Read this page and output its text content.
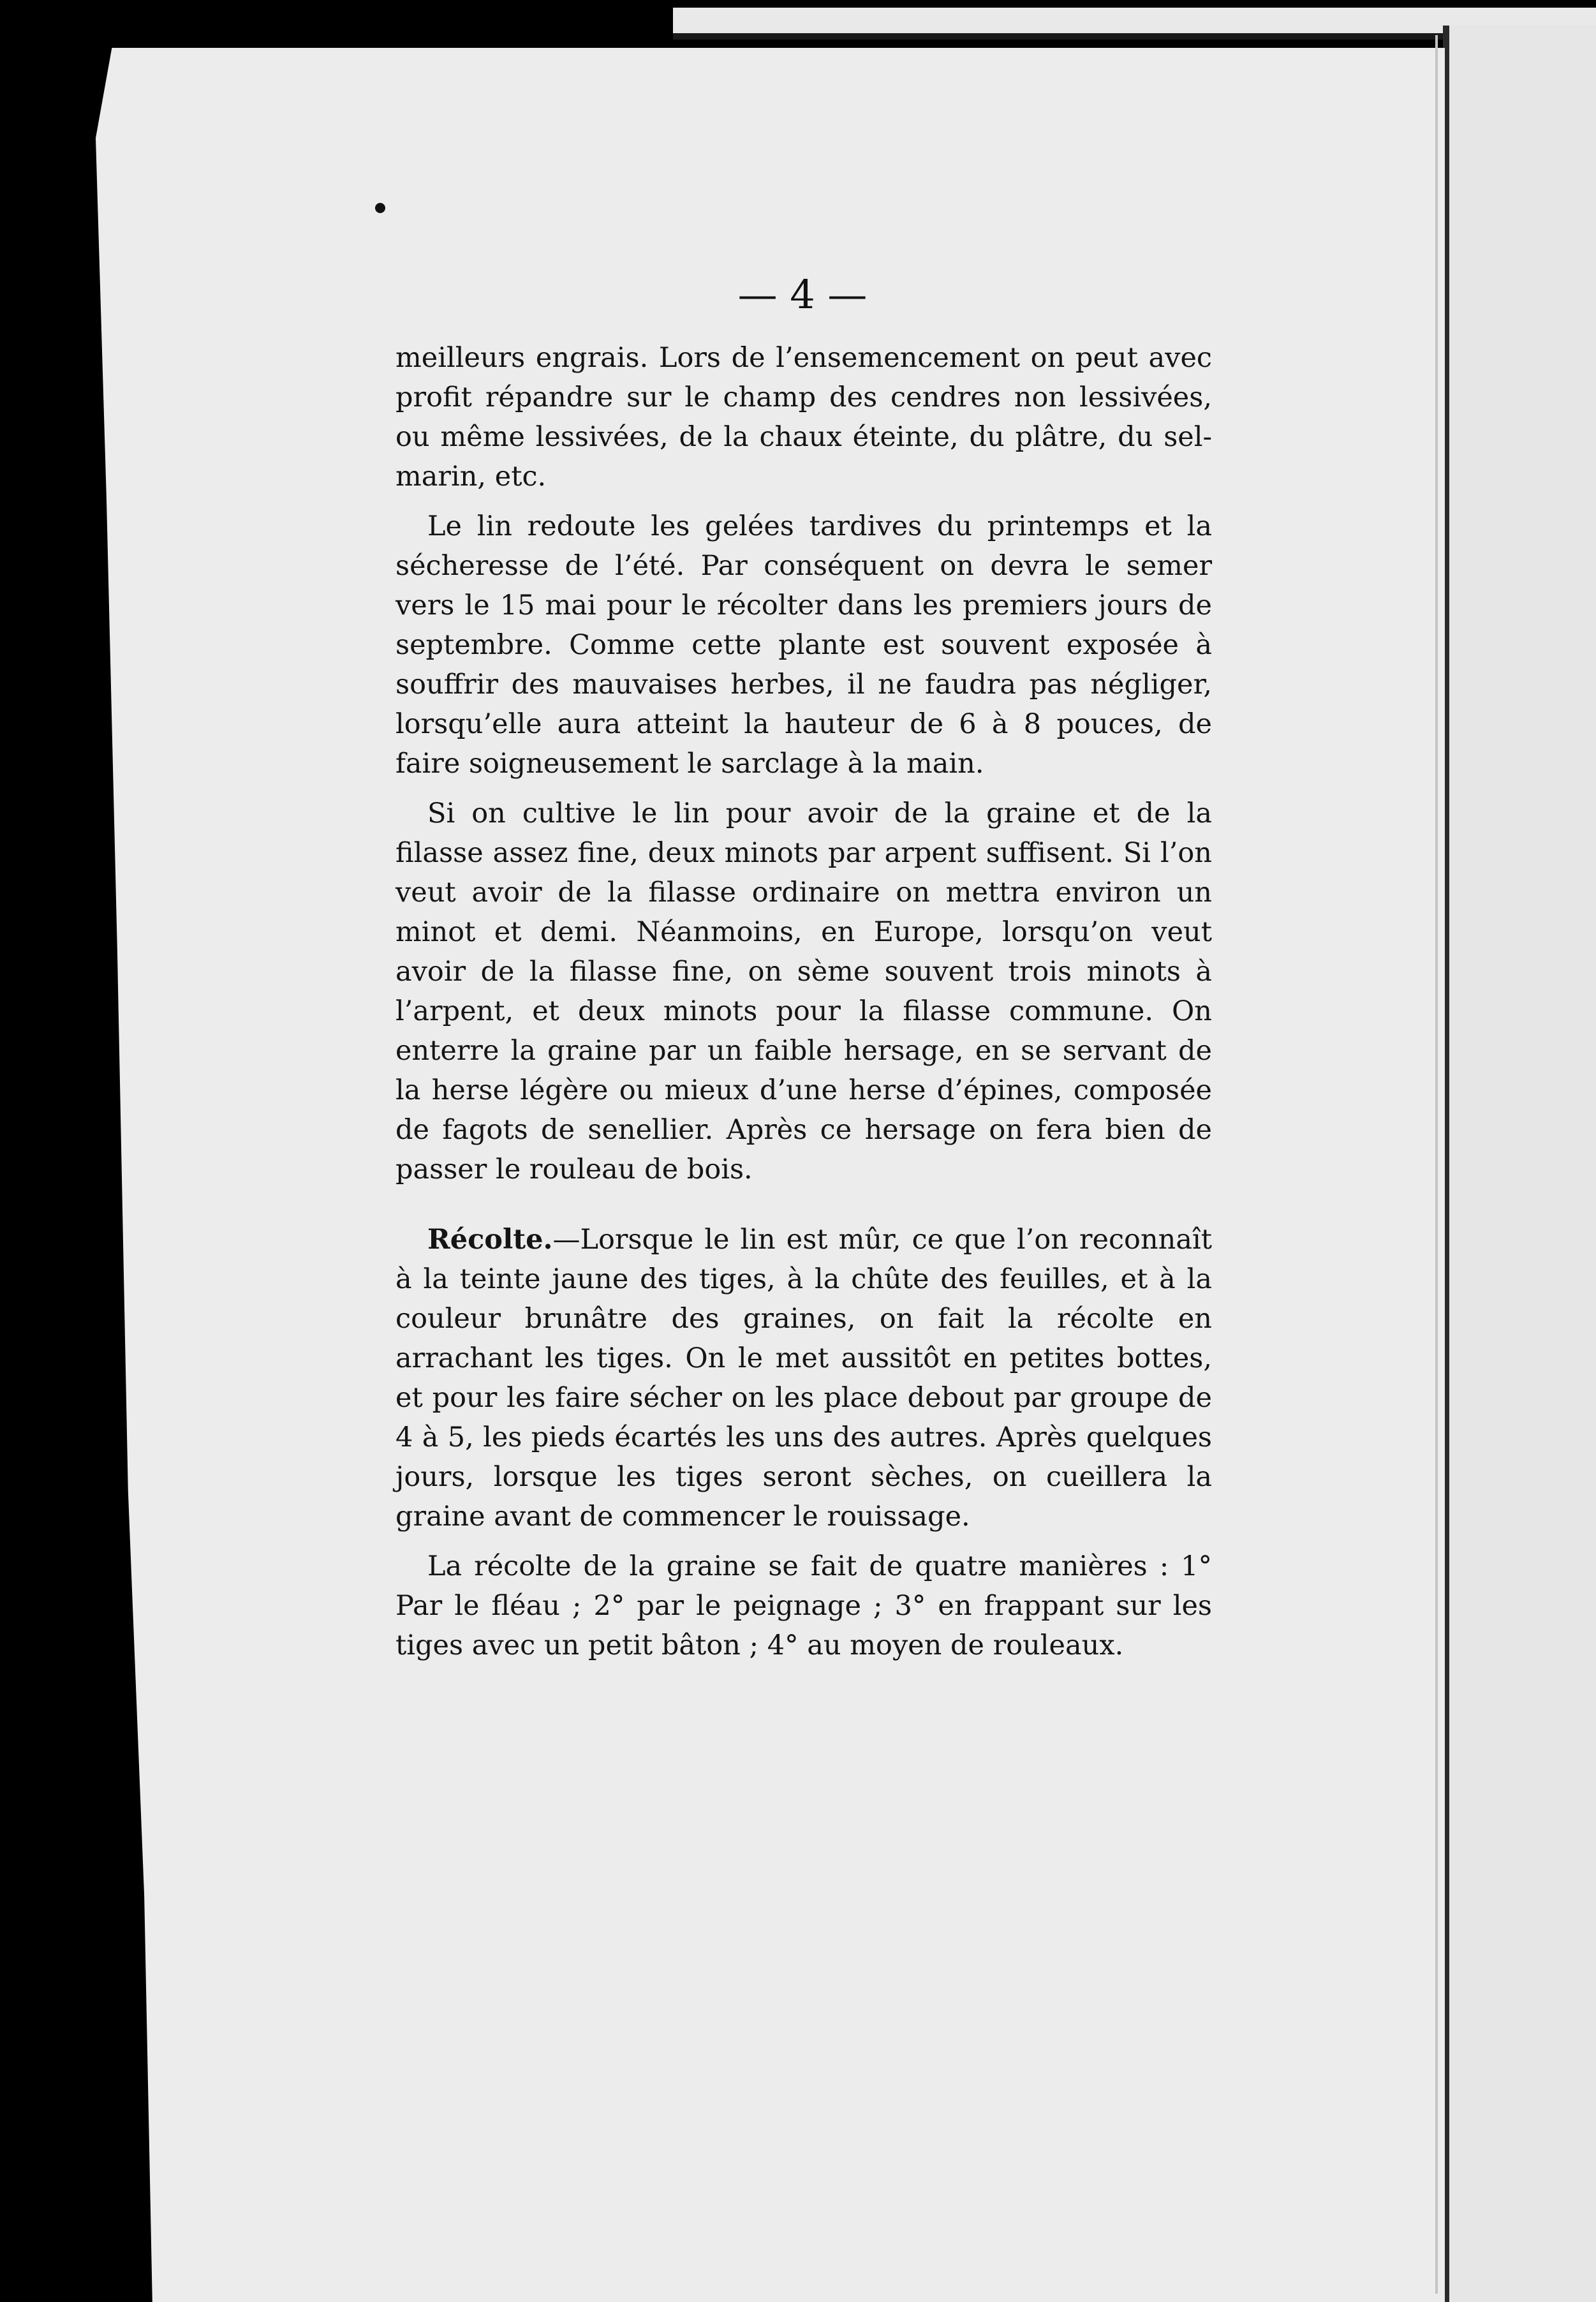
— 4 —

meilleurs engrais. Lors de l’ensemencement on peut avec profit répandre sur le champ des cendres non lessivées, ou même lessivées, de la chaux éteinte, du plâtre, du sel-marin, etc.

Le lin redoute les gelées tardives du printemps et la sécheresse de l’été. Par conséquent on devra le semer vers le 15 mai pour le récolter dans les premiers jours de septembre. Comme cette plante est souvent exposée à souffrir des mauvaises herbes, il ne faudra pas négliger, lorsqu’elle aura atteint la hauteur de 6 à 8 pouces, de faire soigneusement le sarclage à la main.

Si on cultive le lin pour avoir de la graine et de la filasse assez fine, deux minots par arpent suffisent. Si l’on veut avoir de la filasse ordinaire on mettra environ un minot et demi. Néanmoins, en Europe, lorsqu’on veut avoir de la filasse fine, on sème souvent trois minots à l’arpent, et deux minots pour la filasse commune. On enterre la graine par un faible hersage, en se servant de la herse légère ou mieux d’une herse d’épines, composée de fagots de senellier. Après ce hersage on fera bien de passer le rouleau de bois.

Récolte.—Lorsque le lin est mûr, ce que l’on reconnaît à la teinte jaune des tiges, à la chûte des feuilles, et à la couleur brunâtre des graines, on fait la récolte en arrachant les tiges. On le met aussitôt en petites bottes, et pour les faire sécher on les place debout par groupe de 4 à 5, les pieds écartés les uns des autres. Après quelques jours, lorsque les tiges seront sèches, on cueillera la graine avant de commencer le rouissage.

La récolte de la graine se fait de quatre manières : 1° Par le fléau ; 2° par le peignage ; 3° en frappant sur les tiges avec un petit bâton ; 4° au moyen de rouleaux.
